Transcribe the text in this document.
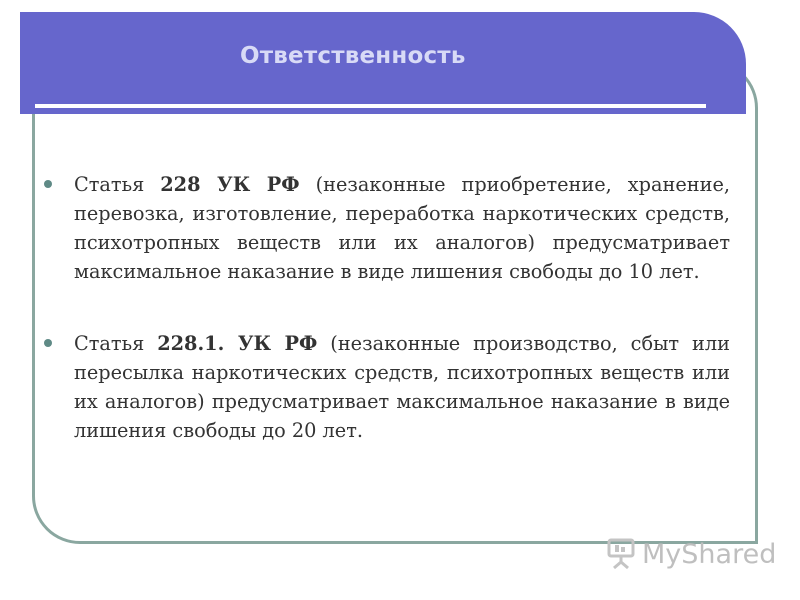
Ответственность

Статья 228 УК РФ (незаконные приобретение, хранение, перевозка, изготовление, переработка наркотических средств, психотропных веществ или их аналогов) предусматривает максимальное наказание в виде лишения свободы до 10 лет.

Статья 228.1. УК РФ (незаконные производство, сбыт или пересылка наркотических средств, психотропных веществ или их аналогов) предусматривает максимальное наказание в виде лишения свободы до 20 лет.

MyShared
